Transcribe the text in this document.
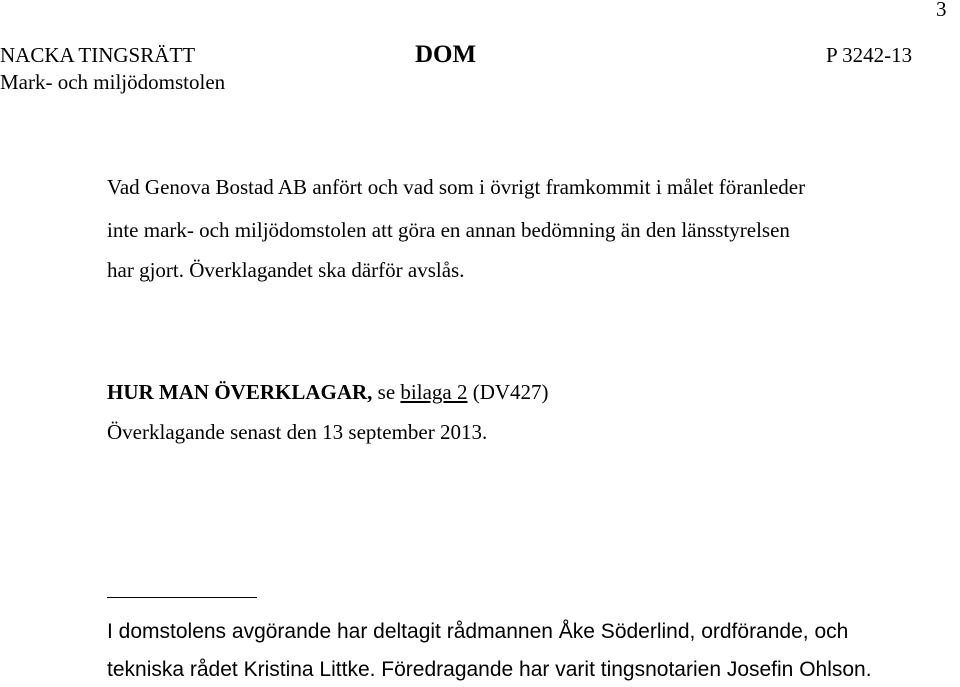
3
NACKA TINGSRÄTT
Mark- och miljödomstolen
DOM	P 3242-13
Vad Genova Bostad AB anfört och vad som i övrigt framkommit i målet föranleder
inte mark- och miljödomstolen att göra en annan bedömning än den länsstyrelsen
har gjort. Överklagandet ska därför avslås.
HUR MAN ÖVERKLAGAR, se bilaga 2 (DV427)
Överklagande senast den 13 september 2013.
I domstolens avgörande har deltagit rådmannen Åke Söderlind, ordförande, och
tekniska rådet Kristina Littke. Föredragande har varit tingsnotarien Josefin Ohlson.
